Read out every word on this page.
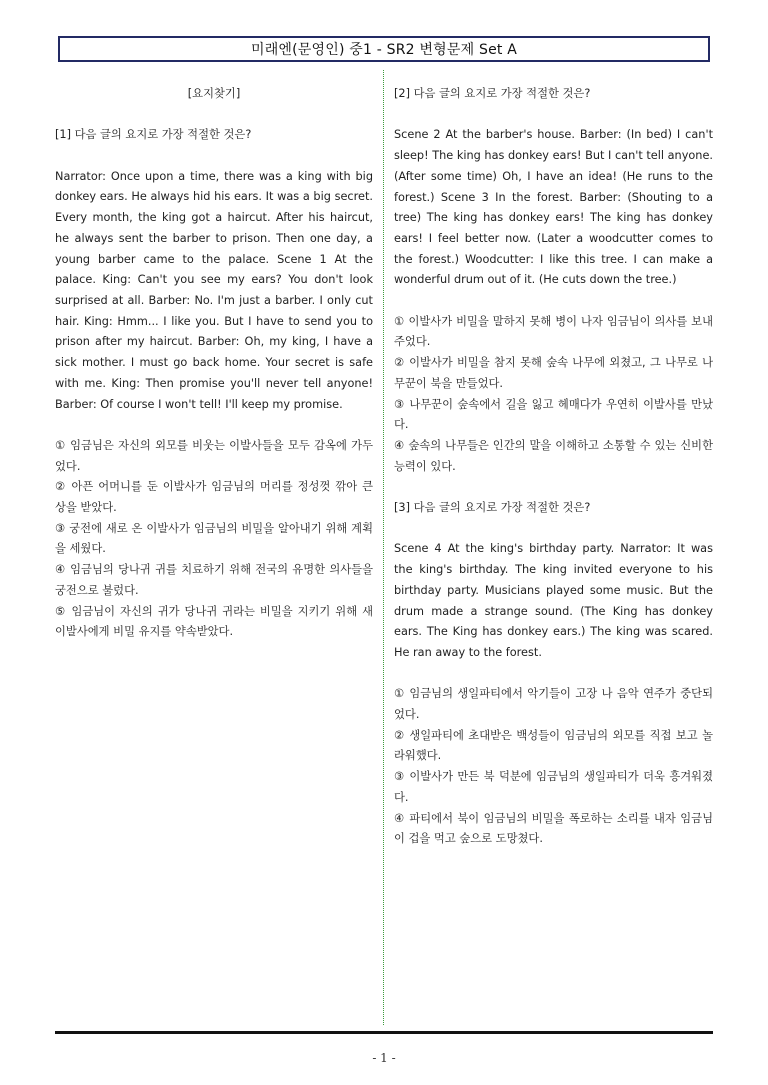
미래엔(문영인) 중1 - SR2 변형문제 Set A

[요지찾기]

[1] 다음 글의 요지로 가장 적절한 것은?

Narrator: Once upon a time, there was a king with big donkey ears. He always hid his ears. It was a big secret. Every month, the king got a haircut. After his haircut, he always sent the barber to prison. Then one day, a young barber came to the palace. Scene 1 At the palace. King: Can't you see my ears? You don't look surprised at all. Barber: No. I'm just a barber. I only cut hair. King: Hmm... I like you. But I have to send you to prison after my haircut. Barber: Oh, my king, I have a sick mother. I must go back home. Your secret is safe with me. King: Then promise you'll never tell anyone! Barber: Of course I won't tell! I'll keep my promise.

① 임금님은 자신의 외모를 비웃는 이발사들을 모두 감옥에 가두었다.

② 아픈 어머니를 둔 이발사가 임금님의 머리를 정성껏 깎아 큰 상을 받았다.

③ 궁전에 새로 온 이발사가 임금님의 비밀을 알아내기 위해 계획을 세웠다.

④ 임금님의 당나귀 귀를 치료하기 위해 전국의 유명한 의사들을 궁전으로 불렀다.

⑤ 임금님이 자신의 귀가 당나귀 귀라는 비밀을 지키기 위해 새 이발사에게 비밀 유지를 약속받았다.

[2] 다음 글의 요지로 가장 적절한 것은?

Scene 2 At the barber's house. Barber: (In bed) I can't sleep! The king has donkey ears! But I can't tell anyone. (After some time) Oh, I have an idea! (He runs to the forest.) Scene 3 In the forest. Barber: (Shouting to a tree) The king has donkey ears! The king has donkey ears! I feel better now. (Later a woodcutter comes to the forest.) Woodcutter: I like this tree. I can make a wonderful drum out of it. (He cuts down the tree.)

① 이발사가 비밀을 말하지 못해 병이 나자 임금님이 의사를 보내주었다.

② 이발사가 비밀을 참지 못해 숲속 나무에 외쳤고, 그 나무로 나무꾼이 북을 만들었다.

③ 나무꾼이 숲속에서 길을 잃고 헤매다가 우연히 이발사를 만났다.

④ 숲속의 나무들은 인간의 말을 이해하고 소통할 수 있는 신비한 능력이 있다.

[3] 다음 글의 요지로 가장 적절한 것은?

Scene 4 At the king's birthday party. Narrator: It was the king's birthday. The king invited everyone to his birthday party. Musicians played some music. But the drum made a strange sound. (The King has donkey ears. The King has donkey ears.) The king was scared. He ran away to the forest.

① 임금님의 생일파티에서 악기들이 고장 나 음악 연주가 중단되었다.

② 생일파티에 초대받은 백성들이 임금님의 외모를 직접 보고 놀라워했다.

③ 이발사가 만든 북 덕분에 임금님의 생일파티가 더욱 흥겨워졌다.

④ 파티에서 북이 임금님의 비밀을 폭로하는 소리를 내자 임금님이 겁을 먹고 숲으로 도망쳤다.

- 1 -
